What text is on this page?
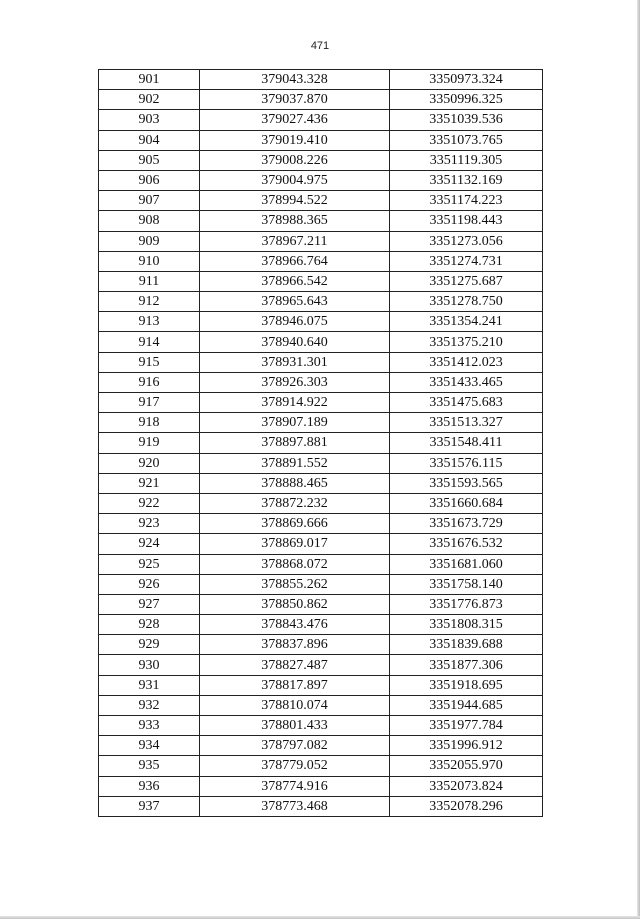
471
901	379043.328	3350973.324
902	379037.870	3350996.325
903	379027.436	3351039.536
904	379019.410	3351073.765
905	379008.226	3351119.305
906	379004.975	3351132.169
907	378994.522	3351174.223
908	378988.365	3351198.443
909	378967.211	3351273.056
910	378966.764	3351274.731
911	378966.542	3351275.687
912	378965.643	3351278.750
913	378946.075	3351354.241
914	378940.640	3351375.210
915	378931.301	3351412.023
916	378926.303	3351433.465
917	378914.922	3351475.683
918	378907.189	3351513.327
919	378897.881	3351548.411
920	378891.552	3351576.115
921	378888.465	3351593.565
922	378872.232	3351660.684
923	378869.666	3351673.729
924	378869.017	3351676.532
925	378868.072	3351681.060
926	378855.262	3351758.140
927	378850.862	3351776.873
928	378843.476	3351808.315
929	378837.896	3351839.688
930	378827.487	3351877.306
931	378817.897	3351918.695
932	378810.074	3351944.685
933	378801.433	3351977.784
934	378797.082	3351996.912
935	378779.052	3352055.970
936	378774.916	3352073.824
937	378773.468	3352078.296
